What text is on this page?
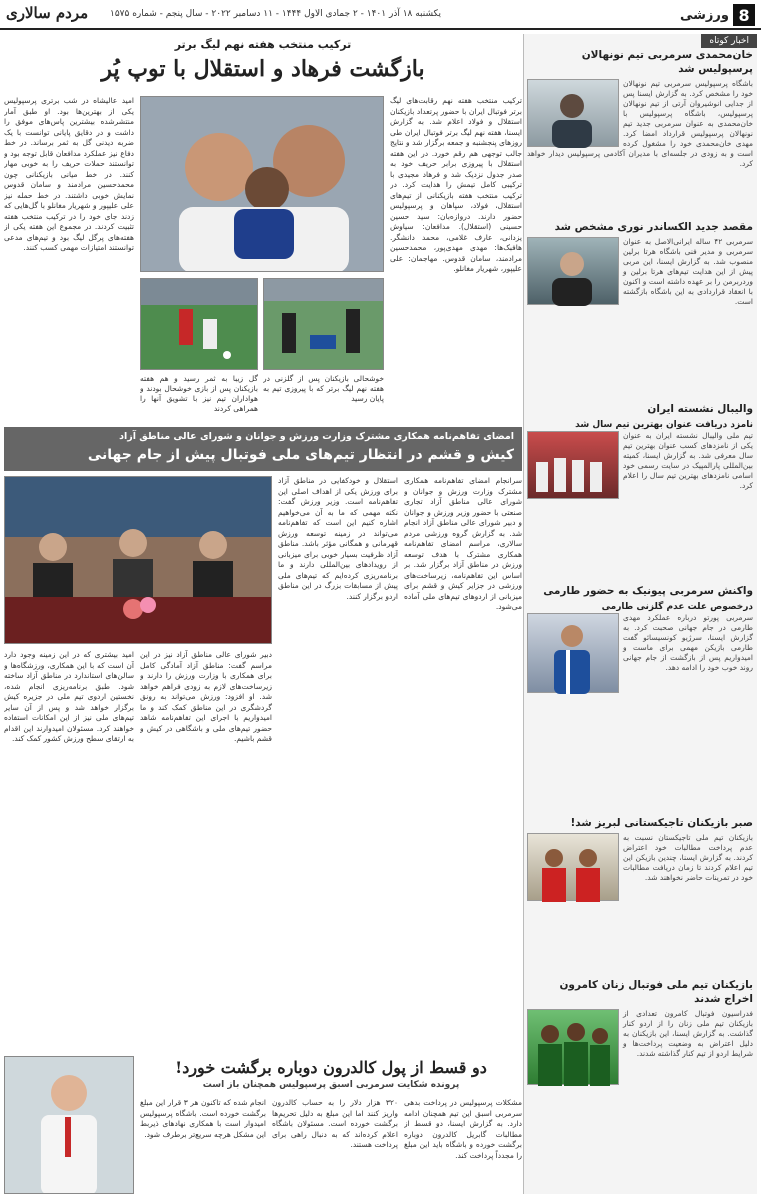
8
ورزشی
یکشنبه ۱۸ آذر ۱۴۰۱ - ۲ جمادی الاول ۱۴۴۴ - ۱۱ دسامبر ۲۰۲۲ - سال پنجم - شماره ۱۵۷۵
مردم سالاری
اخبار کوتاه
خان‌محمدی سرمربی تیم نونهالان پرسپولیس شد
باشگاه پرسپولیس سرمربی تیم نونهالان خود را مشخص کرد. به گزارش ایسنا پس از جدایی انوشیروان آرتی از تیم نونهالان پرسپولیس، باشگاه پرسپولیس با خان‌محمدی به عنوان سرمربی جدید تیم نونهالان پرسپولیس قرارداد امضا کرد. مهدی خان‌محمدی خود را مشغول کرده است و به زودی در جلسه‌ای با مدیران آکادمی پرسپولیس دیدار خواهد کرد.
مقصد جدید الکساندر نوری مشخص شد
سرمربی ۴۲ ساله ایرانی‌الاصل به عنوان سرمربی و مدیر فنی باشگاه هرتا برلین منصوب شد. به گزارش ایسنا، این مربی پیش از این هدایت تیم‌های هرتا برلین و وردربرمن را بر عهده داشته است و اکنون با انعقاد قراردادی به این باشگاه بازگشته است.
والیبال نشسته ایران
نامزد دریافت عنوان بهترین تیم سال شد
تیم ملی والیبال نشسته ایران به عنوان یکی از نامزدهای کسب عنوان بهترین تیم سال معرفی شد. به گزارش ایسنا، کمیته بین‌المللی پارالمپیک در سایت رسمی خود اسامی نامزدهای بهترین تیم سال را اعلام کرد.
واکنش سرمربی پیونیک به حضور طارمی
درخصوص علت عدم گلزنی طارمی
سرمربی پورتو درباره عملکرد مهدی طارمی در جام جهانی صحبت کرد. به گزارش ایسنا، سرژیو کونسیسائو گفت طارمی بازیکن مهمی برای ماست و امیدواریم پس از بازگشت از جام جهانی روند خوب خود را ادامه دهد.
صبر بازیکنان تاجیکستانی لبریز شد!
بازیکنان تیم ملی تاجیکستان نسبت به عدم پرداخت مطالبات خود اعتراض کردند. به گزارش ایسنا، چندین بازیکن این تیم اعلام کردند تا زمان دریافت مطالبات خود در تمرینات حاضر نخواهند شد.
بازیکنان تیم ملی فوتبال زنان کامرون اخراج شدند
فدراسیون فوتبال کامرون تعدادی از بازیکنان تیم ملی زنان را از اردو کنار گذاشت. به گزارش ایسنا، این بازیکنان به دلیل اعتراض به وضعیت پرداخت‌ها و شرایط اردو از تیم کنار گذاشته شدند.
ترکیب منتخب هفته نهم لیگ برتر
بازگشت فرهاد و استقلال با توپ پُر
ترکیب منتخب هفته نهم رقابت‌های لیگ برتر فوتبال ایران با حضور پرتعداد بازیکنان استقلال و فولاد اعلام شد. به گزارش ایسنا، هفته نهم لیگ برتر فوتبال ایران طی روزهای پنجشنبه و جمعه برگزار شد و نتایج جالب توجهی هم رقم خورد. در این هفته استقلال با پیروزی برابر حریف خود به صدر جدول نزدیک شد و فرهاد مجیدی با ترکیبی کامل تیمش را هدایت کرد. در ترکیب منتخب هفته بازیکنانی از تیم‌های استقلال، فولاد، سپاهان و پرسپولیس حضور دارند. دروازه‌بان: سید حسین حسینی (استقلال). مدافعان: سیاوش یزدانی، عارف غلامی، محمد دانشگر. هافبک‌ها: مهدی مهدی‌پور، محمدحسین مرادمند، سامان قدوس. مهاجمان: علی علیپور، شهریار مغانلو.
خوشحالی بازیکنان پس از گلزنی در هفته نهم لیگ برتر که با پیروزی تیم به پایان رسید
گل زیبا به ثمر رسید و هم هفته بازیکنان پس از بازی خوشحال بودند و هواداران تیم نیز با تشویق آنها را همراهی کردند
امید عالیشاه در شب برتری پرسپولیس یکی از بهترین‌ها بود. او طبق آمار منتشرشده بیشترین پاس‌های موفق را داشت و در دقایق پایانی توانست با یک ضربه دیدنی گل به ثمر برساند. در خط دفاع نیز عملکرد مدافعان قابل توجه بود و توانستند حملات حریف را به خوبی مهار کنند. در خط میانی بازیکنانی چون محمدحسین مرادمند و سامان قدوس نمایش خوبی داشتند. در خط حمله نیز علی علیپور و شهریار مغانلو با گل‌هایی که زدند جای خود را در ترکیب منتخب هفته تثبیت کردند. در مجموع این هفته یکی از هفته‌های پرگل لیگ بود و تیم‌های مدعی توانستند امتیازات مهمی کسب کنند.
امضای تفاهم‌نامه همکاری مشترک وزارت ورزش و جوانان و شورای عالی مناطق آزاد
کیش و قشم در انتظار تیم‌های ملی فوتبال پیش از جام جهانی
سرانجام امضای تفاهم‌نامه همکاری مشترک وزارت ورزش و جوانان و شورای عالی مناطق آزاد تجاری صنعتی با حضور وزیر ورزش و جوانان و دبیر شورای عالی مناطق آزاد انجام شد. به گزارش گروه ورزشی مردم سالاری، مراسم امضای تفاهم‌نامه همکاری مشترک با هدف توسعه ورزش در مناطق آزاد برگزار شد. بر اساس این تفاهم‌نامه، زیرساخت‌های ورزشی در جزایر کیش و قشم برای میزبانی از اردوهای تیم‌های ملی آماده می‌شود.
استقلال و خودکفایی در مناطق آزاد برای ورزش یکی از اهداف اصلی این تفاهم‌نامه است. وزیر ورزش گفت: نکته مهمی که ما به آن می‌خواهیم اشاره کنیم این است که تفاهم‌نامه می‌تواند در زمینه توسعه ورزش قهرمانی و همگانی مؤثر باشد. مناطق آزاد ظرفیت بسیار خوبی برای میزبانی از رویدادهای بین‌المللی دارند و ما برنامه‌ریزی کرده‌ایم که تیم‌های ملی پیش از مسابقات بزرگ در این مناطق اردو برگزار کنند.
دبیر شورای عالی مناطق آزاد نیز در این مراسم گفت: مناطق آزاد آمادگی کامل برای همکاری با وزارت ورزش را دارند و زیرساخت‌های لازم به زودی فراهم خواهد شد. او افزود: ورزش می‌تواند به رونق گردشگری در این مناطق کمک کند و ما امیدواریم با اجرای این تفاهم‌نامه شاهد حضور تیم‌های ملی و باشگاهی در کیش و قشم باشیم.
امید بیشتری که در این زمینه وجود دارد آن است که با این همکاری، ورزشگاه‌ها و سالن‌های استاندارد در مناطق آزاد ساخته شود. طبق برنامه‌ریزی انجام شده، نخستین اردوی تیم ملی در جزیره کیش برگزار خواهد شد و پس از آن سایر تیم‌های ملی نیز از این امکانات استفاده خواهند کرد. مسئولان امیدوارند این اقدام به ارتقای سطح ورزش کشور کمک کند.
دو قسط از پول کالدرون دوباره برگشت خورد!
پرونده شکایت سرمربی اسبق پرسپولیس همچنان باز است
مشکلات پرسپولیس در پرداخت بدهی سرمربی اسبق این تیم همچنان ادامه دارد. به گزارش ایسنا، دو قسط از مطالبات گابریل کالدرون دوباره برگشت خورده و باشگاه باید این مبلغ را مجدداً پرداخت کند.
۳۲۰ هزار دلار را به حساب کالدرون واریز کنند اما این مبلغ به دلیل تحریم‌ها برگشت خورده است. مسئولان باشگاه اعلام کرده‌اند که به دنبال راهی برای پرداخت هستند.
انجام شده که تاکنون هر ۳ قرار این مبلغ برگشت خورده است. باشگاه پرسپولیس امیدوار است با همکاری نهادهای ذیربط این مشکل هرچه سریع‌تر برطرف شود.
